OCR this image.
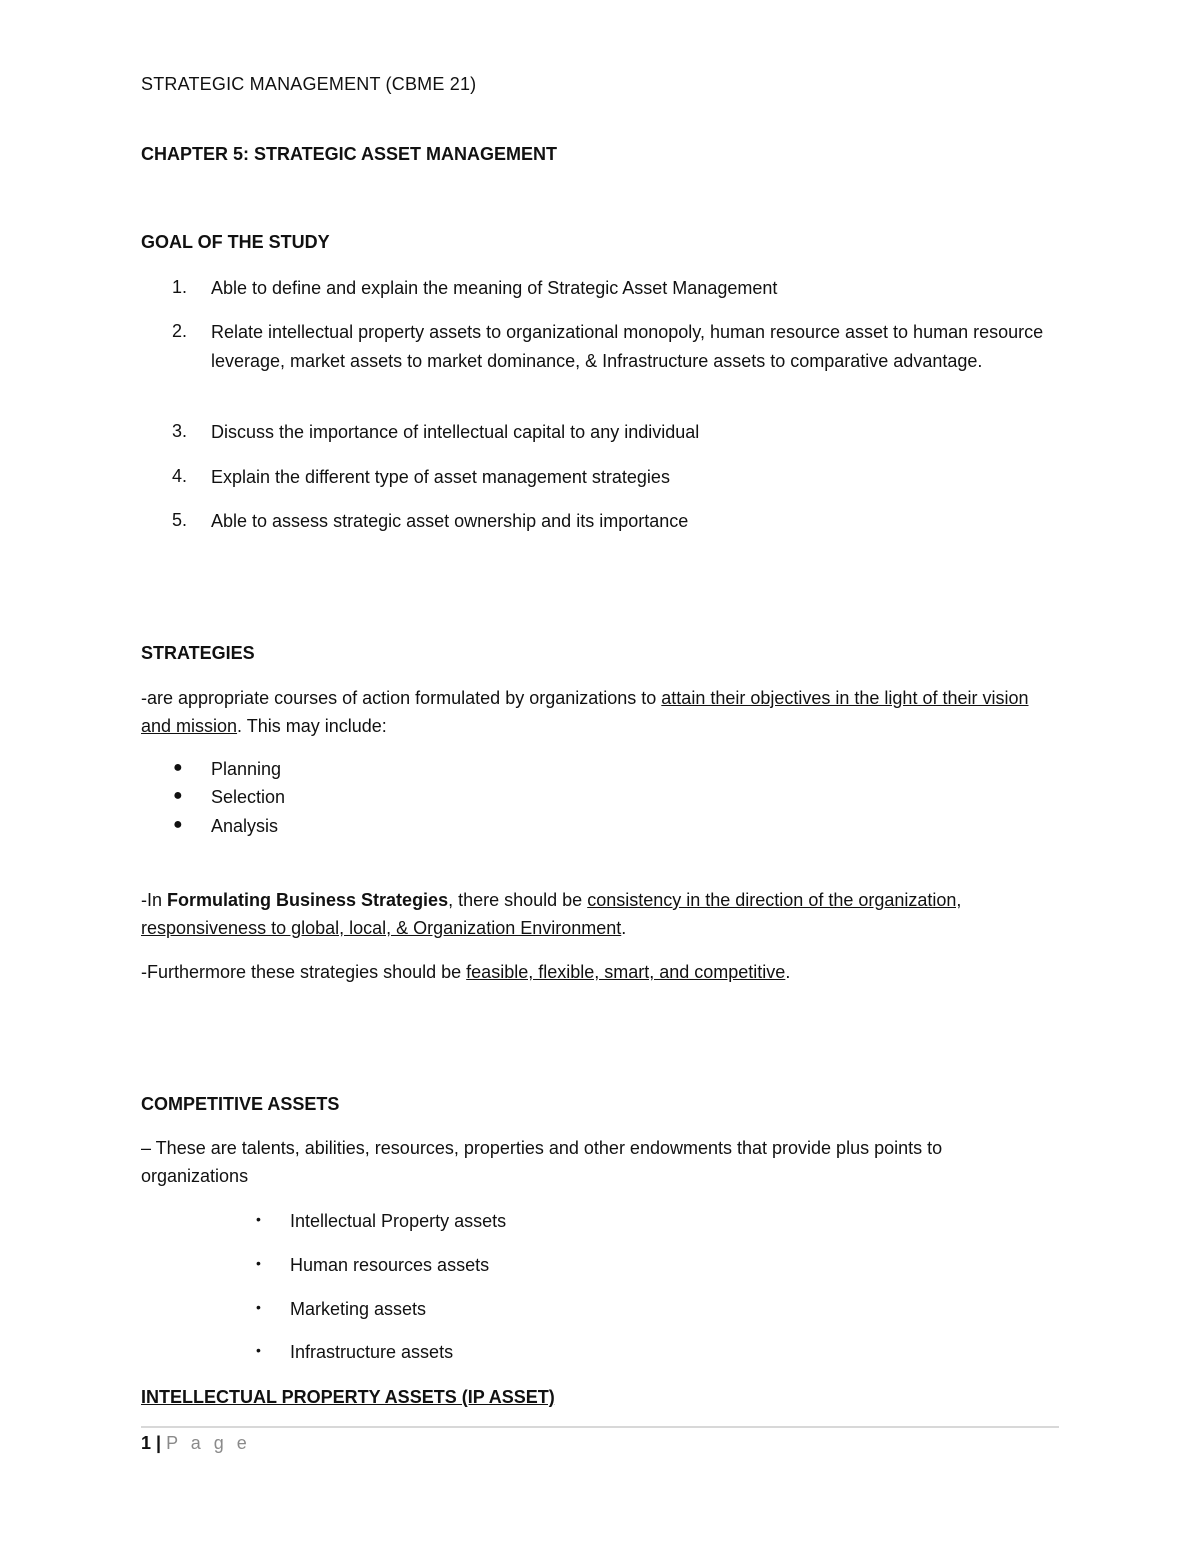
STRATEGIC MANAGEMENT (CBME 21)
CHAPTER 5: STRATEGIC ASSET MANAGEMENT
GOAL OF THE STUDY
1.	Able to define and explain the meaning of Strategic Asset Management
2.	Relate intellectual property assets to organizational monopoly, human resource asset to human resource leverage, market assets to market dominance, & Infrastructure assets to comparative advantage.
3.	Discuss the importance of intellectual capital to any individual
4.	Explain the different type of asset management strategies
5.	Able to assess strategic asset ownership and its importance
STRATEGIES
-are appropriate courses of action formulated by organizations to attain their objectives in the light of their vision and mission. This may include:
● Planning
● Selection
● Analysis
-In Formulating Business Strategies, there should be consistency in the direction of the organization, responsiveness to global, local, & Organization Environment.
-Furthermore these strategies should be feasible, flexible, smart, and competitive.
COMPETITIVE ASSETS
– These are talents, abilities, resources, properties and other endowments that provide plus points to organizations
• Intellectual Property assets
• Human resources assets
• Marketing assets
• Infrastructure assets
INTELLECTUAL PROPERTY ASSETS (IP ASSET)
1 | P a g e
